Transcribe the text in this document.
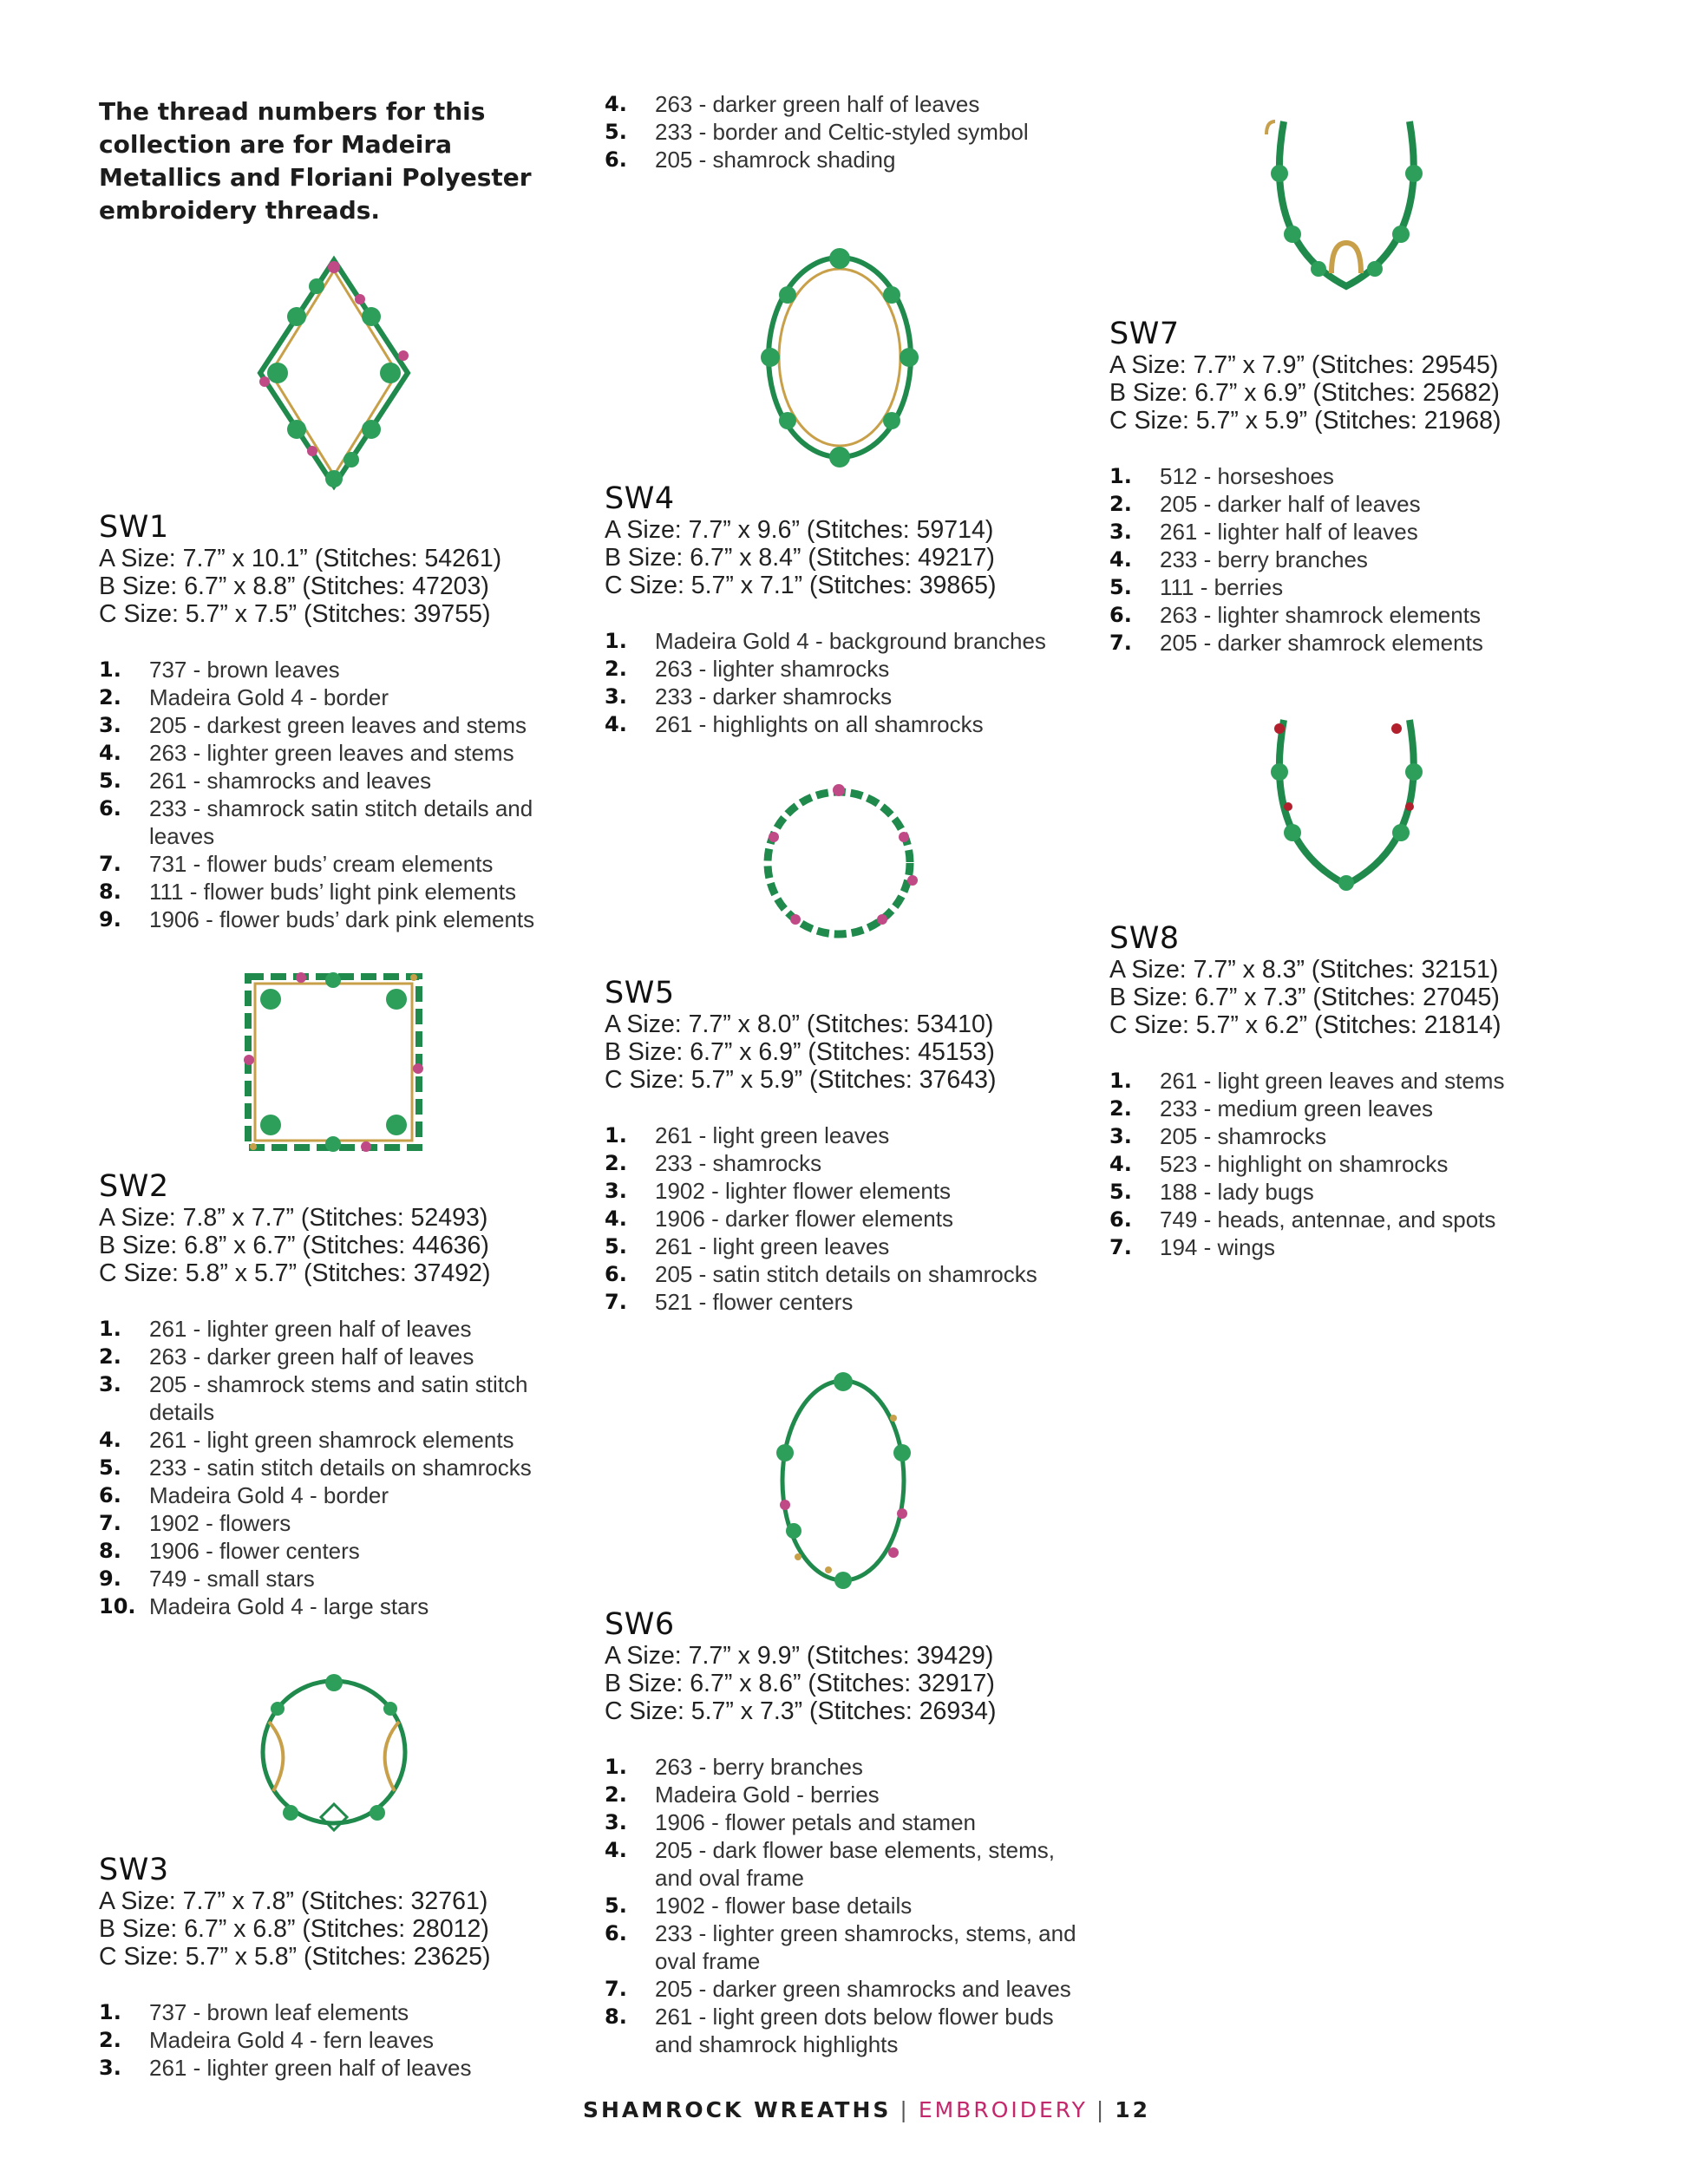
The thread numbers for this collection are for Madeira Metallics and Floriani Polyester embroidery threads.
SW1
A Size: 7.7” x 10.1” (Stitches: 54261)
B Size: 6.7” x 8.8” (Stitches: 47203)
C Size: 5.7” x 7.5” (Stitches: 39755)
1. 737 - brown leaves
2. Madeira Gold 4 - border
3. 205 - darkest green leaves and stems
4. 263 - lighter green leaves and stems
5. 261 - shamrocks and leaves
6. 233 - shamrock satin stitch details and leaves
7. 731 - flower buds’ cream elements
8. 111 - flower buds’ light pink elements
9. 1906 - flower buds’ dark pink elements
SW2
A Size: 7.8” x 7.7” (Stitches: 52493)
B Size: 6.8” x 6.7” (Stitches: 44636)
C Size: 5.8” x 5.7” (Stitches: 37492)
1. 261 - lighter green half of leaves
2. 263 - darker green half of leaves
3. 205 - shamrock stems and satin stitch details
4. 261 - light green shamrock elements
5. 233 - satin stitch details on shamrocks
6. Madeira Gold 4 - border
7. 1902 - flowers
8. 1906 - flower centers
9. 749 - small stars
10. Madeira Gold 4 - large stars
SW3
A Size: 7.7” x 7.8” (Stitches: 32761)
B Size: 6.7” x 6.8” (Stitches: 28012)
C Size: 5.7” x 5.8” (Stitches: 23625)
1. 737 - brown leaf elements
2. Madeira Gold 4 - fern leaves
3. 261 - lighter green half of leaves
4. 263 - darker green half of leaves
5. 233 - border and Celtic-styled symbol
6. 205 - shamrock shading
SW4
A Size: 7.7” x 9.6” (Stitches: 59714)
B Size: 6.7” x 8.4” (Stitches: 49217)
C Size: 5.7” x 7.1” (Stitches: 39865)
1. Madeira Gold 4 - background branches
2. 263 - lighter shamrocks
3. 233 - darker shamrocks
4. 261 - highlights on all shamrocks
SW5
A Size: 7.7” x 8.0” (Stitches: 53410)
B Size: 6.7” x 6.9” (Stitches: 45153)
C Size: 5.7” x 5.9” (Stitches: 37643)
1. 261 - light green leaves
2. 233 - shamrocks
3. 1902 - lighter flower elements
4. 1906 - darker flower elements
5. 261 - light green leaves
6. 205 - satin stitch details on shamrocks
7. 521 - flower centers
SW6
A Size: 7.7” x 9.9” (Stitches: 39429)
B Size: 6.7” x 8.6” (Stitches: 32917)
C Size: 5.7” x 7.3” (Stitches: 26934)
1. 263 - berry branches
2. Madeira Gold - berries
3. 1906 - flower petals and stamen
4. 205 - dark flower base elements, stems, and oval frame
5. 1902 - flower base details
6. 233 - lighter green shamrocks, stems, and oval frame
7. 205 - darker green shamrocks and leaves
8. 261 - light green dots below flower buds and shamrock highlights
SW7
A Size: 7.7” x 7.9” (Stitches: 29545)
B Size: 6.7” x 6.9” (Stitches: 25682)
C Size: 5.7” x 5.9” (Stitches: 21968)
1. 512 - horseshoes
2. 205 - darker half of leaves
3. 261 - lighter half of leaves
4. 233 - berry branches
5. 111 - berries
6. 263 - lighter shamrock elements
7. 205 - darker shamrock elements
SW8
A Size: 7.7” x 8.3” (Stitches: 32151)
B Size: 6.7” x 7.3” (Stitches: 27045)
C Size: 5.7” x 6.2” (Stitches: 21814)
1. 261 - light green leaves and stems
2. 233 - medium green leaves
3. 205 - shamrocks
4. 523 - highlight on shamrocks
5. 188 - lady bugs
6. 749 - heads, antennae, and spots
7. 194 - wings
SHAMROCK WREATHS | EMBROIDERY | 12
